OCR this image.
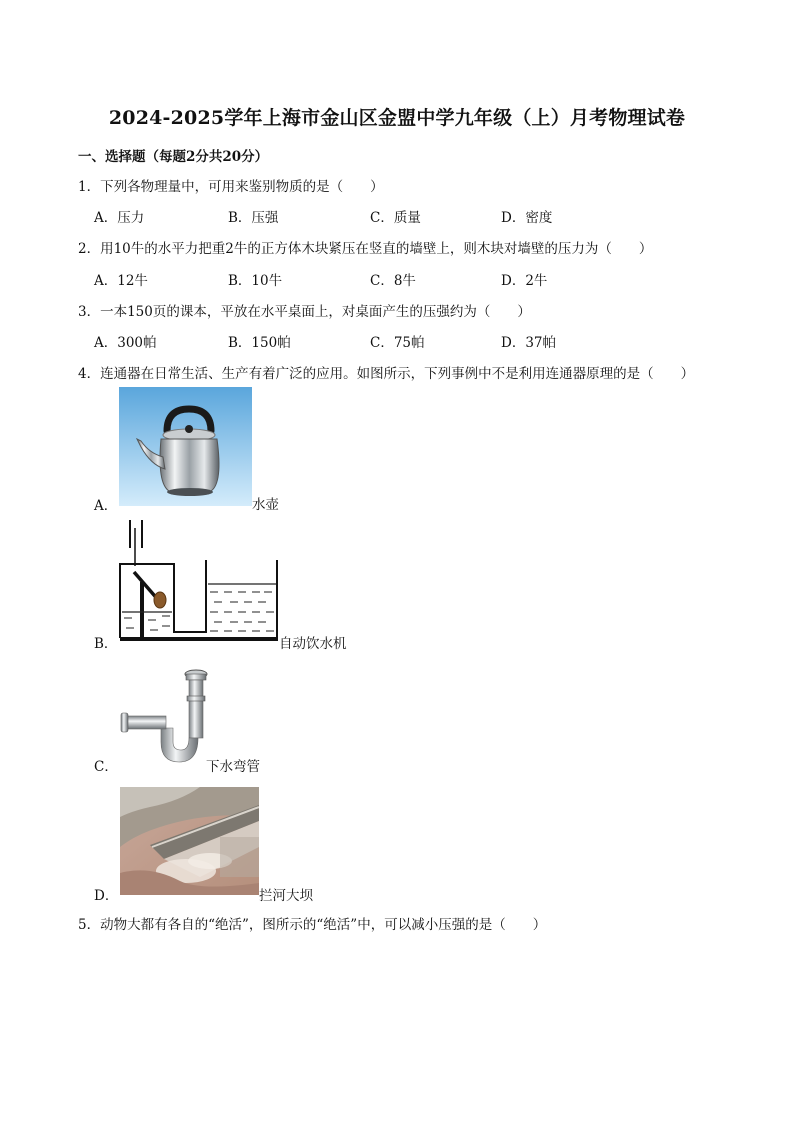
2024-2025学年上海市金山区金盟中学九年级（上）月考物理试卷
一、选择题（每题2分共20分）
1．下列各物理量中，可用来鉴别物质的是（　　）
A．压力	B．压强	C．质量	D．密度
2．用10牛的水平力把重2牛的正方体木块紧压在竖直的墙壁上，则木块对墙壁的压力为（　　）
A．12牛	B．10牛	C．8牛	D．2牛
3．一本150页的课本，平放在水平桌面上，对桌面产生的压强约为（　　）
A．300帕	B．150帕	C．75帕	D．37帕
4．连通器在日常生活、生产有着广泛的应用。如图所示，下列事例中不是利用连通器原理的是（　　）
A．	水壶
B．	自动饮水机
C．	下水弯管
D．	拦河大坝
5．动物大都有各自的“绝活”，图所示的“绝活”中，可以减小压强的是（　　）
